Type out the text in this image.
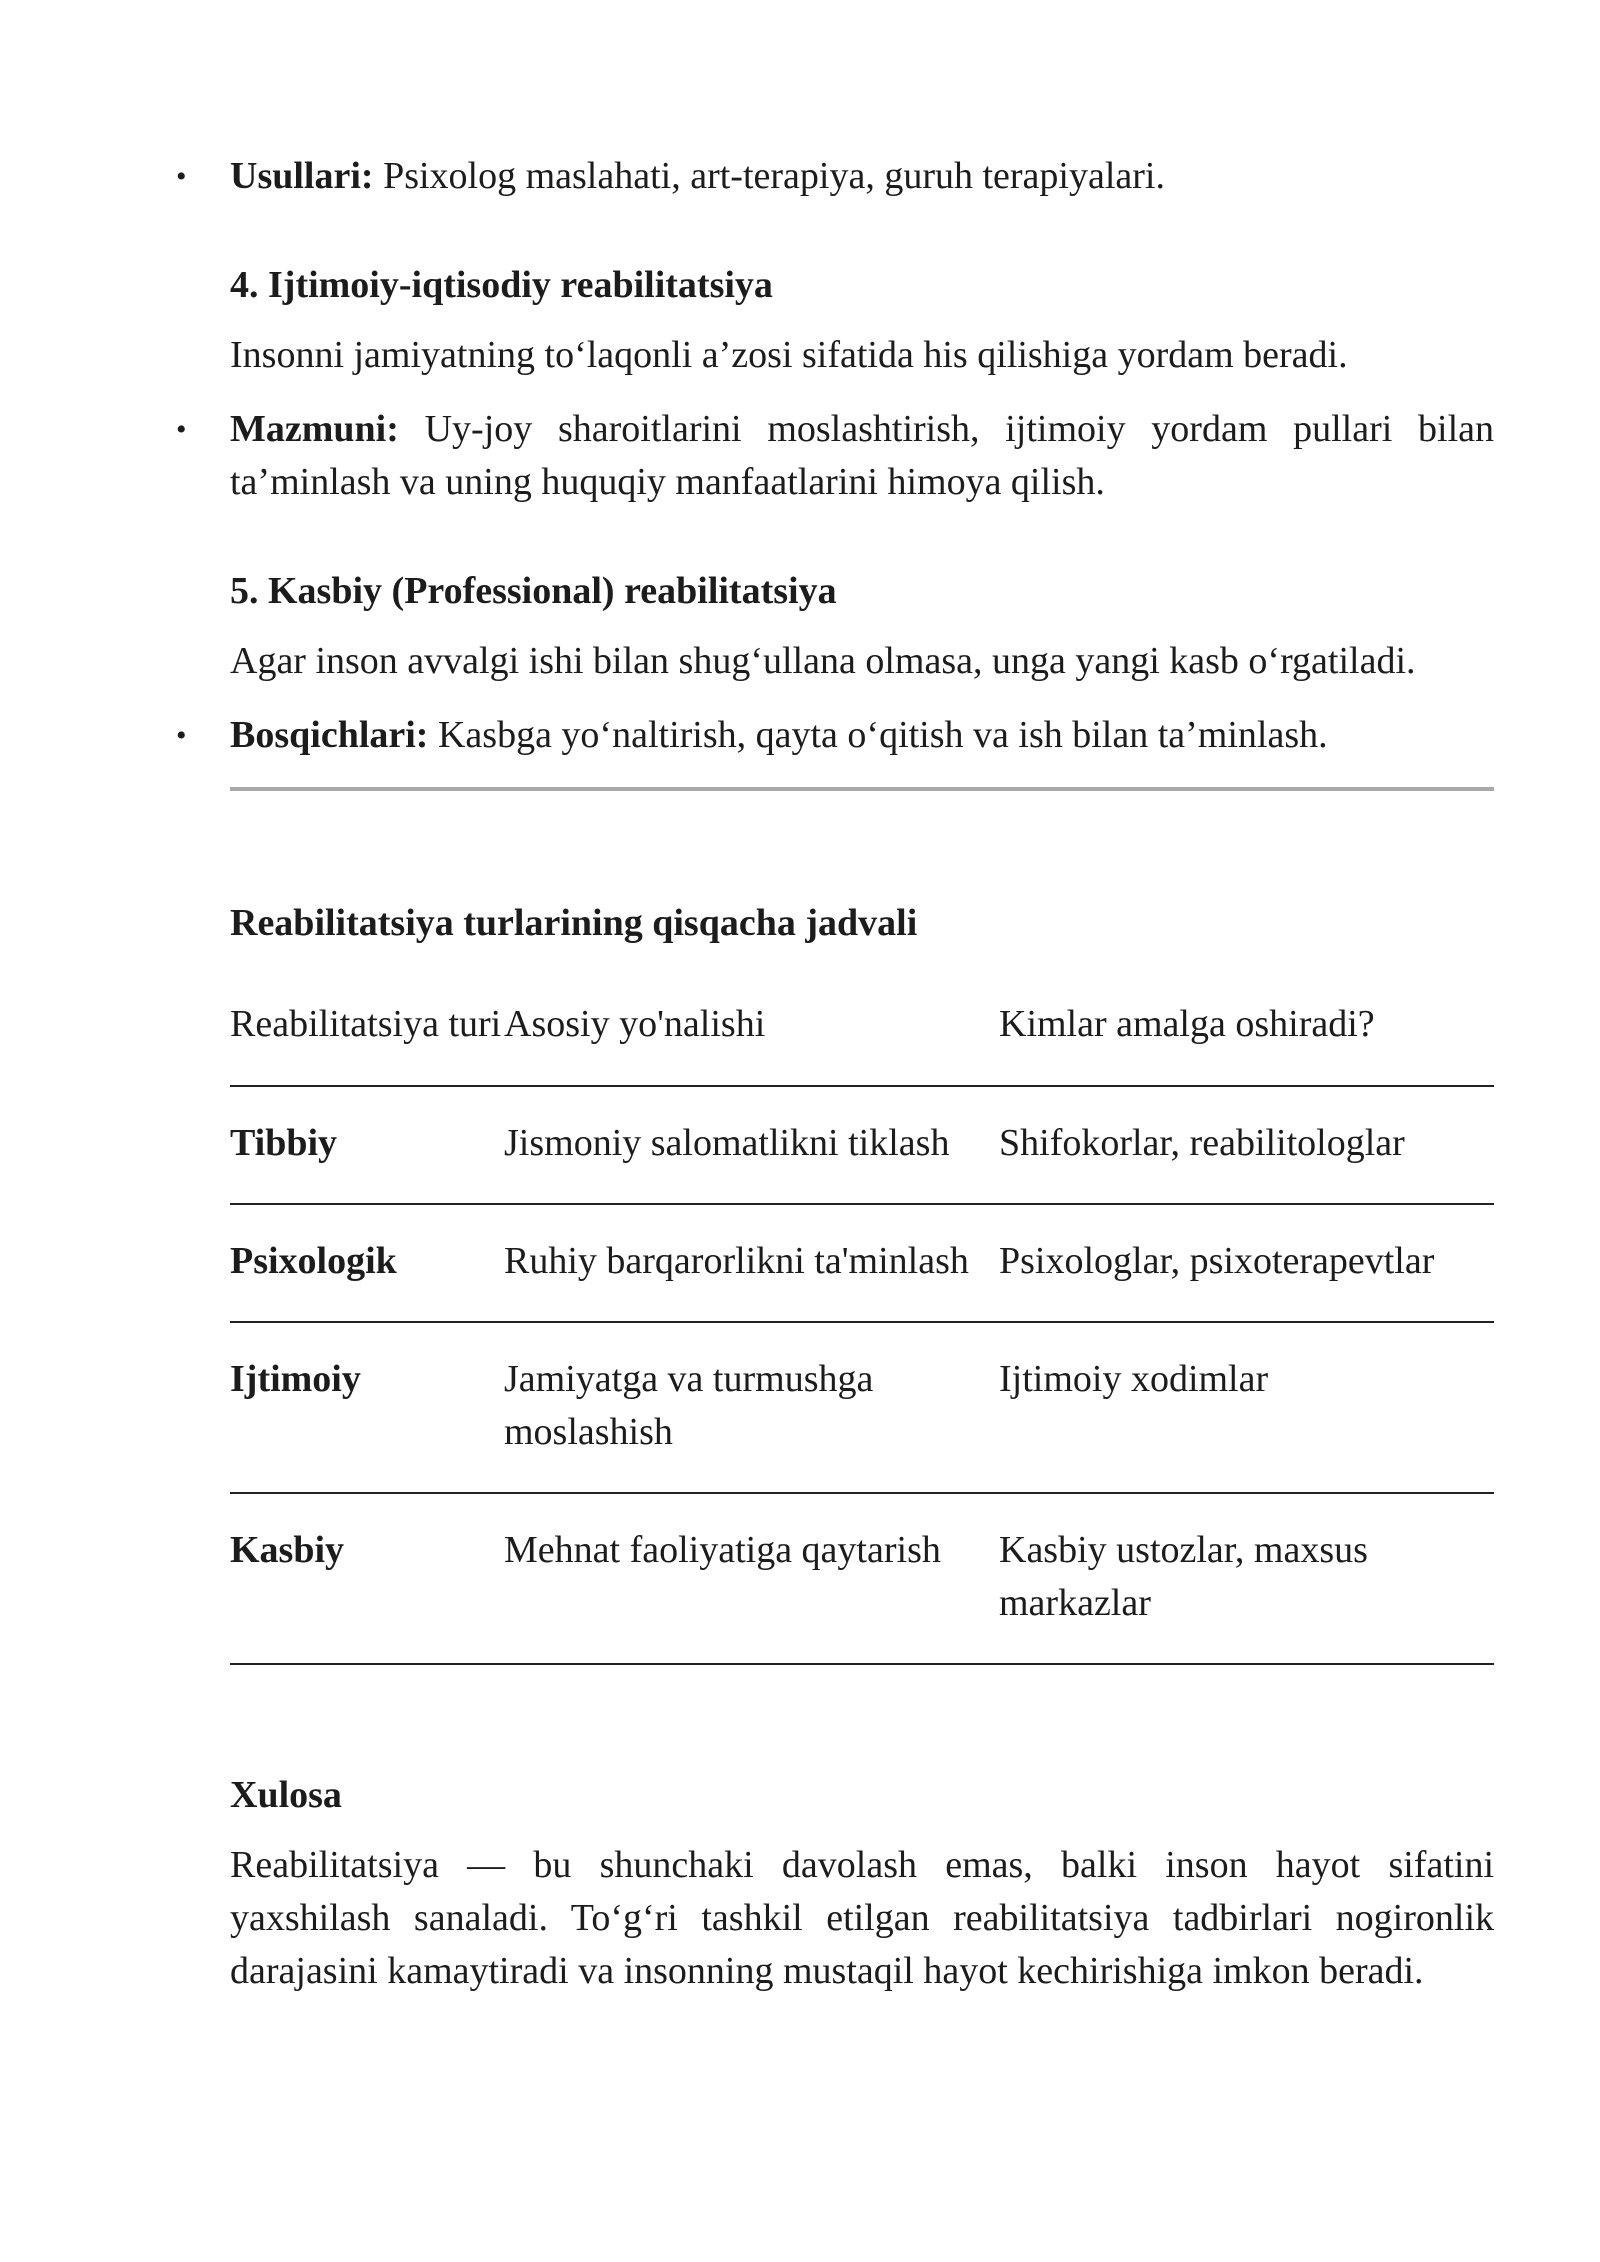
• Usullari: Psixolog maslahati, art-terapiya, guruh terapiyalari.

4. Ijtimoiy-iqtisodiy reabilitatsiya

Insonni jamiyatning to‘laqonli a’zosi sifatida his qilishiga yordam beradi.

• Mazmuni: Uy-joy sharoitlarini moslashtirish, ijtimoiy yordam pullari bilan ta’minlash va uning huquqiy manfaatlarini himoya qilish.

5. Kasbiy (Professional) reabilitatsiya

Agar inson avvalgi ishi bilan shug‘ullana olmasa, unga yangi kasb o‘rgatiladi.

• Bosqichlari: Kasbga yo‘naltirish, qayta o‘qitish va ish bilan ta’minlash.

Reabilitatsiya turlarining qisqacha jadvali
Reabilitatsiya turi	Asosiy yo'nalishi	Kimlar amalga oshiradi?
Tibbiy	Jismoniy salomatlikni tiklash	Shifokorlar, reabilitologlar
Psixologik	Ruhiy barqarorlikni ta'minlash	Psixologlar, psixoterapevtlar
Ijtimoiy	Jamiyatga va turmushga moslashish	Ijtimoiy xodimlar
Kasbiy	Mehnat faoliyatiga qaytarish	Kasbiy ustozlar, maxsus markazlar
Xulosa

Reabilitatsiya — bu shunchaki davolash emas, balki inson hayot sifatini yaxshilash sanaladi. To‘g‘ri tashkil etilgan reabilitatsiya tadbirlari nogironlik darajasini kamaytiradi va insonning mustaqil hayot kechirishiga imkon beradi.
